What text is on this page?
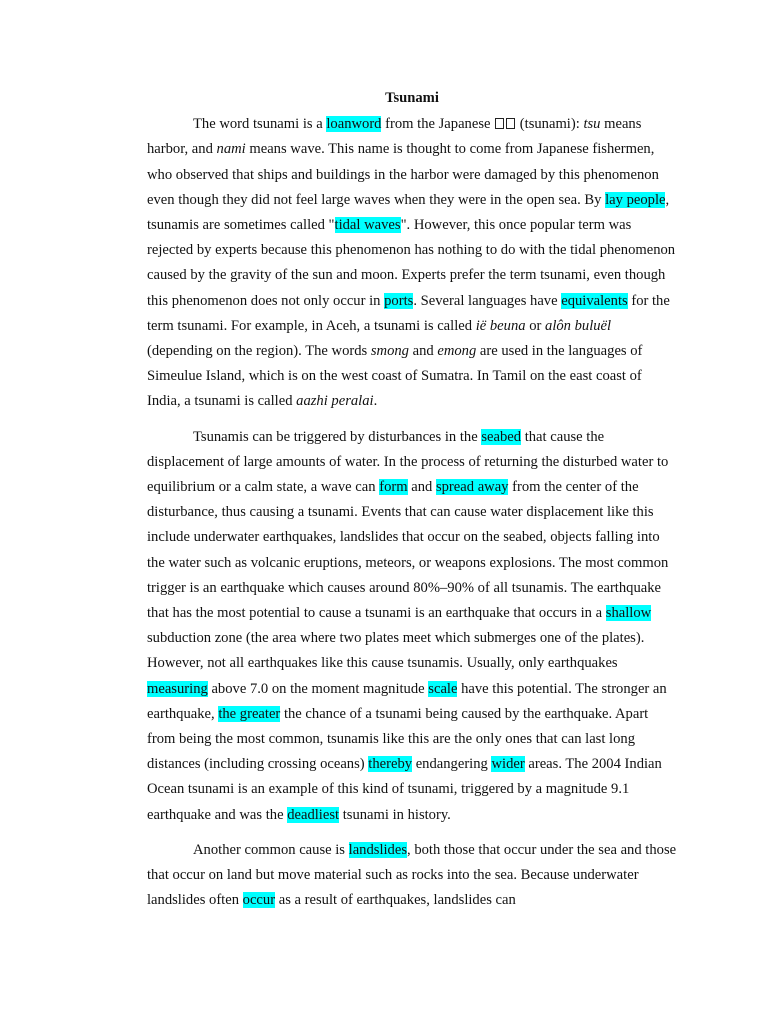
Tsunami

The word tsunami is a loanword from the Japanese  (tsunami): tsu means harbor, and nami means wave. This name is thought to come from Japanese fishermen, who observed that ships and buildings in the harbor were damaged by this phenomenon even though they did not feel large waves when they were in the open sea. By lay people, tsunamis are sometimes called "tidal waves". However, this once popular term was rejected by experts because this phenomenon has nothing to do with the tidal phenomenon caused by the gravity of the sun and moon. Experts prefer the term tsunami, even though this phenomenon does not only occur in ports. Several languages have equivalents for the term tsunami. For example, in Aceh, a tsunami is called iё beuna or alôn buluёl (depending on the region). The words smong and emong are used in the languages of Simeulue Island, which is on the west coast of Sumatra. In Tamil on the east coast of India, a tsunami is called aazhi peralai.

Tsunamis can be triggered by disturbances in the seabed that cause the displacement of large amounts of water. In the process of returning the disturbed water to equilibrium or a calm state, a wave can form and spread away from the center of the disturbance, thus causing a tsunami. Events that can cause water displacement like this include underwater earthquakes, landslides that occur on the seabed, objects falling into the water such as volcanic eruptions, meteors, or weapons explosions. The most common trigger is an earthquake which causes around 80%–90% of all tsunamis. The earthquake that has the most potential to cause a tsunami is an earthquake that occurs in a shallow subduction zone (the area where two plates meet which submerges one of the plates). However, not all earthquakes like this cause tsunamis. Usually, only earthquakes measuring above 7.0 on the moment magnitude scale have this potential. The stronger an earthquake, the greater the chance of a tsunami being caused by the earthquake. Apart from being the most common, tsunamis like this are the only ones that can last long distances (including crossing oceans) thereby endangering wider areas. The 2004 Indian Ocean tsunami is an example of this kind of tsunami, triggered by a magnitude 9.1 earthquake and was the deadliest tsunami in history.

Another common cause is landslides, both those that occur under the sea and those that occur on land but move material such as rocks into the sea. Because underwater landslides often occur as a result of earthquakes, landslides can
